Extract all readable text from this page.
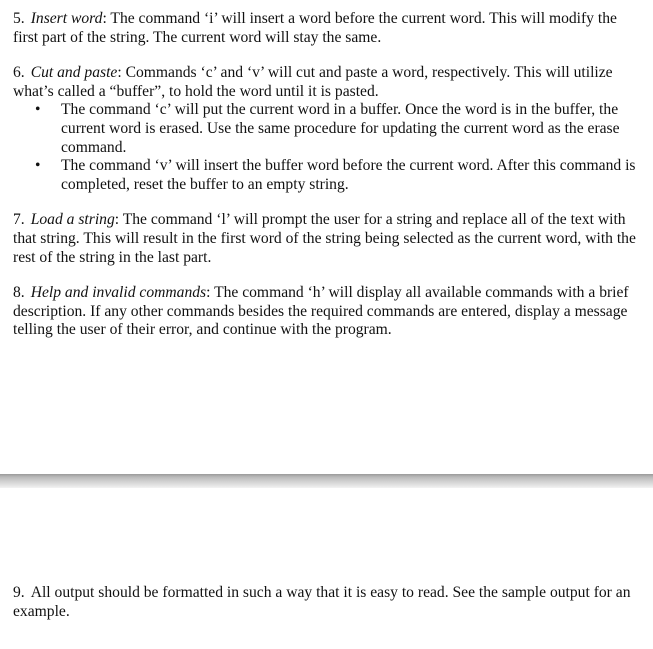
5. Insert word: The command ‘i’ will insert a word before the current word. This will modify the first part of the string. The current word will stay the same.

6. Cut and paste: Commands ‘c’ and ‘v’ will cut and paste a word, respectively. This will utilize what’s called a “buffer”, to hold the word until it is pasted.

• The command ‘c’ will put the current word in a buffer. Once the word is in the buffer, the current word is erased. Use the same procedure for updating the current word as the erase command.
• The command ‘v’ will insert the buffer word before the current word. After this command is completed, reset the buffer to an empty string.

7. Load a string: The command ‘l’ will prompt the user for a string and replace all of the text with that string. This will result in the first word of the string being selected as the current word, with the rest of the string in the last part.

8. Help and invalid commands: The command ‘h’ will display all available commands with a brief description. If any other commands besides the required commands are entered, display a message telling the user of their error, and continue with the program.

9. All output should be formatted in such a way that it is easy to read. See the sample output for an example.
